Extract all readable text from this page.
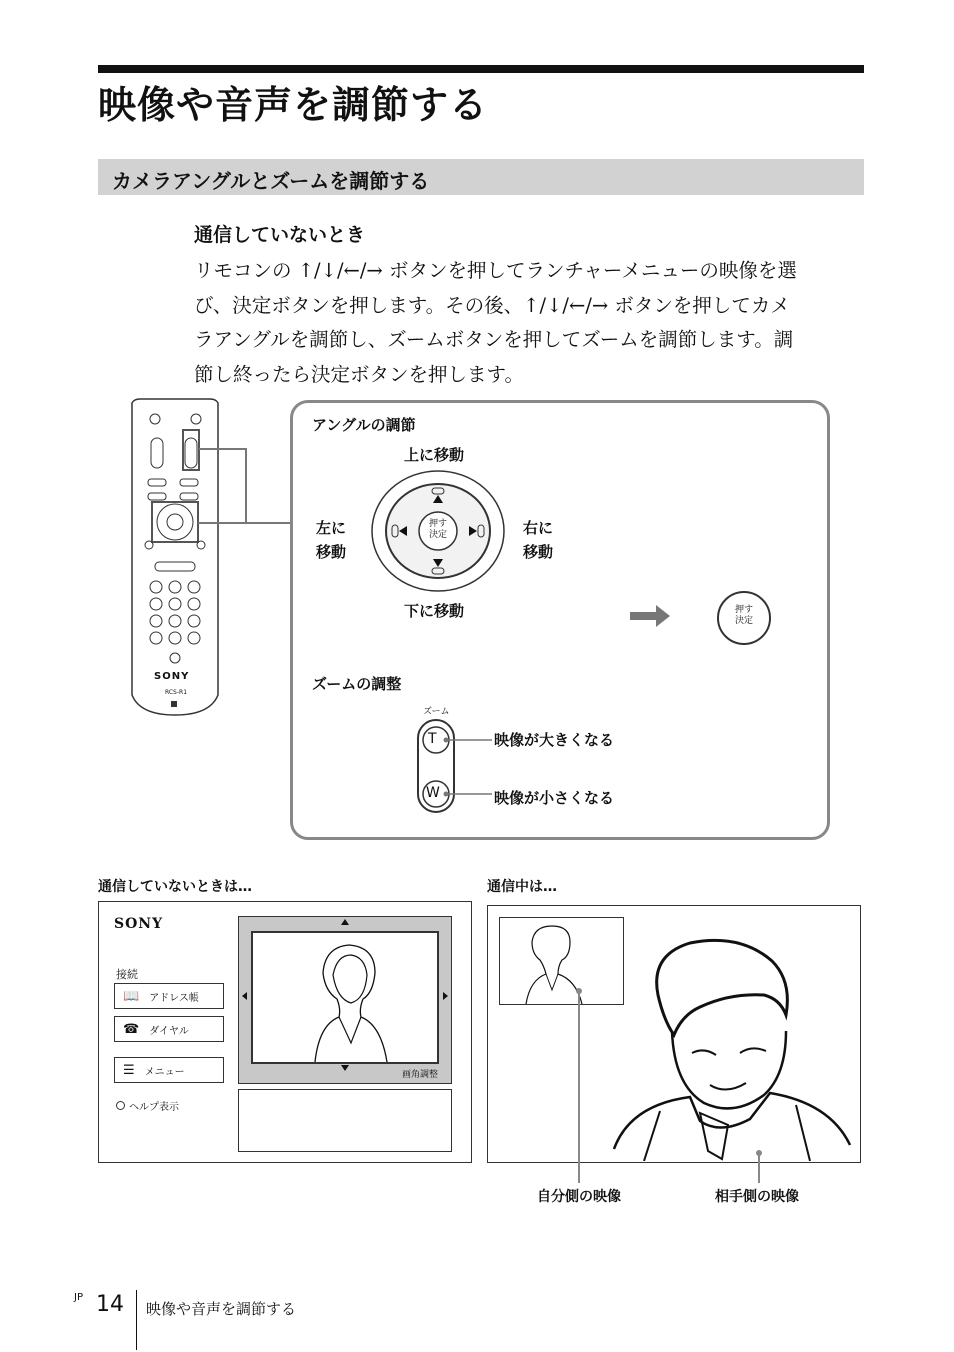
映像や音声を調節する
カメラアングルとズームを調節する
通信していないとき

リモコンの ↑/↓/←/→ ボタンを押してランチャーメニューの映像を選

び、決定ボタンを押します。その後、↑/↓/←/→ ボタンを押してカメ

ラアングルを調節し、ズームボタンを押してズームを調節します。調

節し終ったら決定ボタンを押します。

SONY
RCS-R1
アングルの調節
上に移動
下に移動
左に
移動
右に
移動
押す
決定
押す
決定
ズームの調整
ズーム
T
W
映像が大きくなる
映像が小さくなる
通信していないときは…	通信中は…
SONY
接続
📖 アドレス帳
☎ ダイヤル
☰ メニュー
ヘルプ表示
画角調整
自分側の映像	相手側の映像
JP 14 映像や音声を調節する
